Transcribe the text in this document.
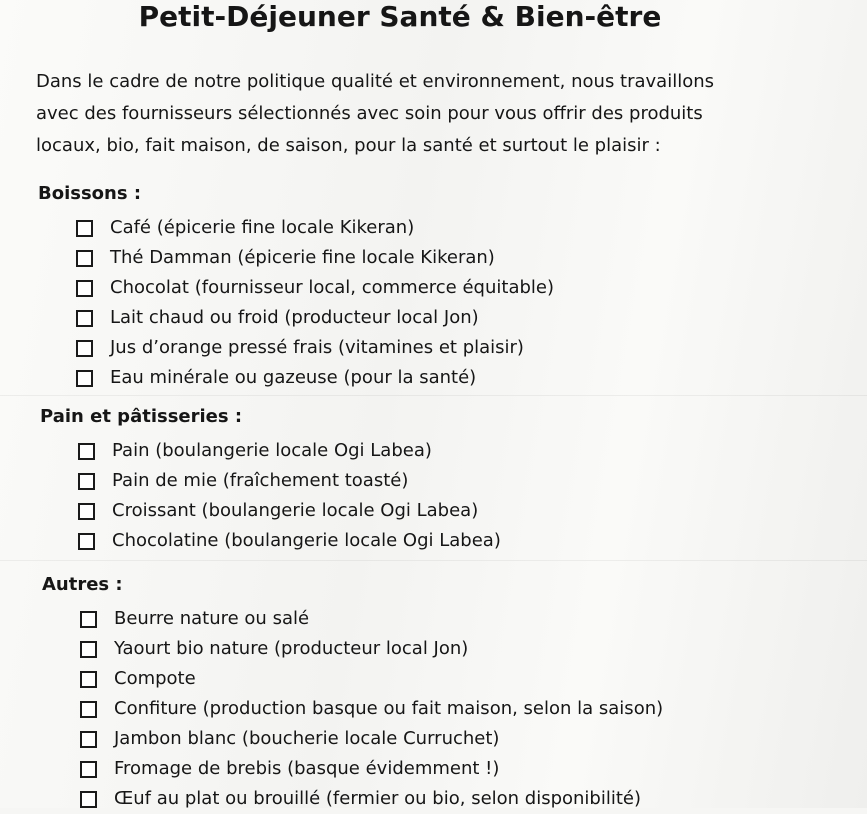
Petit-Déjeuner Santé & Bien-être
Dans le cadre de notre politique qualité et environnement, nous travaillons
avec des fournisseurs sélectionnés avec soin pour vous offrir des produits
locaux, bio, fait maison, de saison, pour la santé et surtout le plaisir :
Boissons :
Café (épicerie fine locale Kikeran)
Thé Damman (épicerie fine locale Kikeran)
Chocolat (fournisseur local, commerce équitable)
Lait chaud ou froid (producteur local Jon)
Jus d’orange pressé frais (vitamines et plaisir)
Eau minérale ou gazeuse (pour la santé)
Pain et pâtisseries :
Pain (boulangerie locale Ogi Labea)
Pain de mie (fraîchement toasté)
Croissant (boulangerie locale Ogi Labea)
Chocolatine (boulangerie locale Ogi Labea)
Autres :
Beurre nature ou salé
Yaourt bio nature (producteur local Jon)
Compote
Confiture (production basque ou fait maison, selon la saison)
Jambon blanc (boucherie locale Curruchet)
Fromage de brebis (basque évidemment !)
Œuf au plat ou brouillé (fermier ou bio, selon disponibilité)
